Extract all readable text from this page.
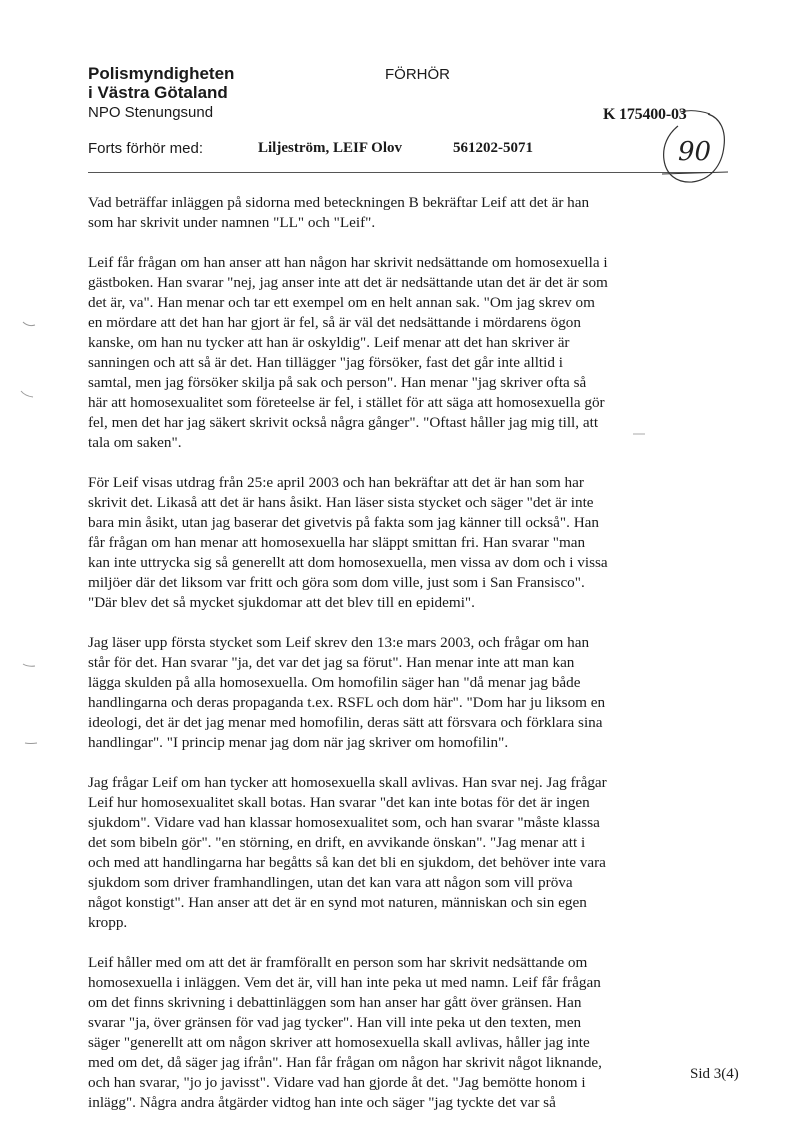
Polismyndigheten
i Västra Götaland
NPO Stenungsund
FÖRHÖR
K 175400-03
Forts förhör med:	Liljeström, LEIF Olov	561202-5071	90

Vad beträffar inläggen på sidorna med beteckningen B bekräftar Leif att det är han
som har skrivit under namnen "LL" och "Leif".

Leif får frågan om han anser att han någon har skrivit nedsättande om homosexuella i
gästboken. Han svarar "nej, jag anser inte att det är nedsättande utan det är det är som
det är, va". Han menar och tar ett exempel om en helt annan sak. "Om jag skrev om
en mördare att det han har gjort är fel, så är väl det nedsättande i mördarens ögon
kanske, om han nu tycker att han är oskyldig". Leif menar att det han skriver är
sanningen och att så är det. Han tillägger "jag försöker, fast det går inte alltid i
samtal, men jag försöker skilja på sak och person". Han menar "jag skriver ofta så
här att homosexualitet som företeelse är fel, i stället för att säga att homosexuella gör
fel, men det har jag säkert skrivit också några gånger". "Oftast håller jag mig till, att
tala om saken".

För Leif visas utdrag från 25:e april 2003 och han bekräftar att det är han som har
skrivit det. Likaså att det är hans åsikt. Han läser sista stycket och säger "det är inte
bara min åsikt, utan jag baserar det givetvis på fakta som jag känner till också". Han
får frågan om han menar att homosexuella har släppt smittan fri. Han svarar "man
kan inte uttrycka sig så generellt att dom homosexuella, men vissa av dom och i vissa
miljöer där det liksom var fritt och göra som dom ville, just som i San Fransisco".
"Där blev det så mycket sjukdomar att det blev till en epidemi".

Jag läser upp första stycket som Leif skrev den 13:e mars 2003, och frågar om han
står för det. Han svarar "ja, det var det jag sa förut". Han menar inte att man kan
lägga skulden på alla homosexuella. Om homofilin säger han "då menar jag både
handlingarna och deras propaganda t.ex. RSFL och dom här". "Dom har ju liksom en
ideologi, det är det jag menar med homofilin, deras sätt att försvara och förklara sina
handlingar". "I princip menar jag dom när jag skriver om homofilin".

Jag frågar Leif om han tycker att homosexuella skall avlivas. Han svar nej. Jag frågar
Leif hur homosexualitet skall botas. Han svarar "det kan inte botas för det är ingen
sjukdom". Vidare vad han klassar homosexualitet som, och han svarar "måste klassa
det som bibeln gör". "en störning, en drift, en avvikande önskan". "Jag menar att i
och med att handlingarna har begåtts så kan det bli en sjukdom, det behöver inte vara
sjukdom som driver framhandlingen, utan det kan vara att någon som vill pröva
något konstigt". Han anser att det är en synd mot naturen, människan och sin egen
kropp.

Leif håller med om att det är framförallt en person som har skrivit nedsättande om
homosexuella i inläggen. Vem det är, vill han inte peka ut med namn. Leif får frågan
om det finns skrivning i debattinläggen som han anser har gått över gränsen. Han
svarar "ja, över gränsen för vad jag tycker". Han vill inte peka ut den texten, men
säger "generellt att om någon skriver att homosexuella skall avlivas, håller jag inte
med om det, då säger jag ifrån". Han får frågan om någon har skrivit något liknande,
och han svarar, "jo jo javisst". Vidare vad han gjorde åt det. "Jag bemötte honom i
inlägg". Några andra åtgärder vidtog han inte och säger "jag tyckte det var så

Sid 3(4)
